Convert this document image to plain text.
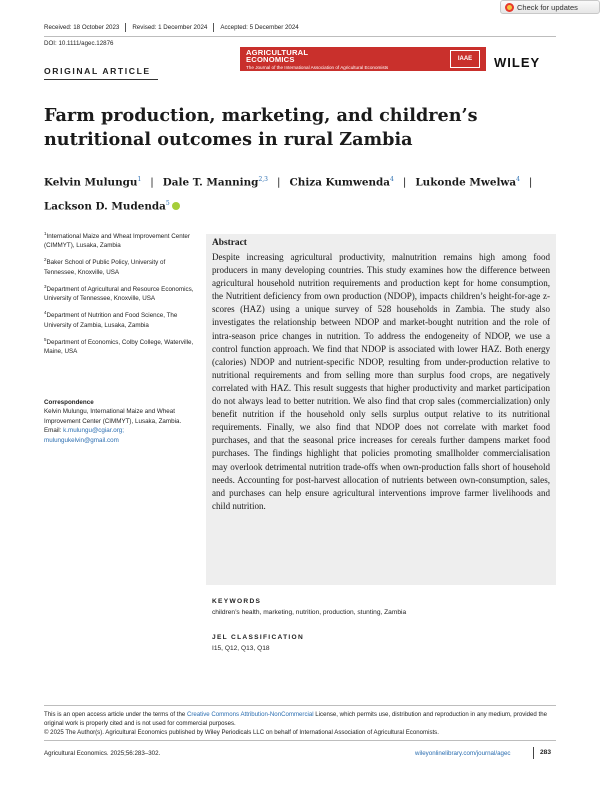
Check for updates
Received: 18 October 2023 Revised: 1 December 2024 Accepted: 5 December 2024
DOI: 10.1111/agec.12876
AGRICULTURAL
ECONOMICS
The Journal of the International Association of Agricultural Economists
IAAE	WILEY
ORIGINAL ARTICLE
Farm production, marketing, and children’s nutritional outcomes in rural Zambia
Kelvin Mulungu$^1$ | Dale T. Manning$^{2,3}$ | Chiza Kumwenda$^4$ | Lukonde Mwelwa$^4$ |
Lackson D. Mudenda$^5$
$^1$International Maize and Wheat Improvement Center (CIMMYT), Lusaka, Zambia
$^2$Baker School of Public Policy, University of Tennessee, Knoxville, USA
$^3$Department of Agricultural and Resource Economics, University of Tennessee, Knoxville, USA
$^4$Department of Nutrition and Food Science, The University of Zambia, Lusaka, Zambia
$^5$Department of Economics, Colby College, Waterville, Maine, USA
Correspondence
Kelvin Mulungu, International Maize and Wheat Improvement Center (CIMMYT), Lusaka, Zambia.
Email: k.mulungu@cgiar.org;
mulungukelvin@gmail.com
Abstract

Despite increasing agricultural productivity, malnutrition remains high among food producers in many developing countries. This study examines how the difference between agricultural household nutrition requirements and production kept for home consumption, the Nutritient deficiency from own production (NDOP), impacts children’s height-for-age z-scores (HAZ) using a unique survey of 528 households in Zambia. The study also investigates the relationship between NDOP and market-bought nutrition and the role of intra-season price changes in nutrition. To address the endogeneity of NDOP, we use a control function approach. We find that NDOP is associated with lower HAZ. Both energy (calories) NDOP and nutrient-specific NDOP, resulting from under-production relative to nutritional requirements and from selling more than surplus food crops, are negatively correlated with HAZ. This result suggests that higher productivity and market participation do not always lead to better nutrition. We also find that crop sales (commercialization) only benefit nutrition if the household only sells surplus output relative to its nutritional requirements. Finally, we also find that NDOP does not correlate with market food purchases, and that the seasonal price increases for cereals further dampens market food purchases. The findings highlight that policies promoting smallholder commercialisation may overlook detrimental nutrition trade-offs when own-production falls short of household needs. Accounting for post-harvest allocation of nutrients between own-consumption, sales, and purchases can help ensure agricultural interventions improve farmer livelihoods and child nutrition.

KEYWORDS
children’s health, marketing, nutrition, production, stunting, Zambia
JEL CLASSIFICATION
I15, Q12, Q13, Q18
This is an open access article under the terms of the Creative Commons Attribution-NonCommercial License, which permits use, distribution and reproduction in any medium, provided the original work is properly cited and is not used for commercial purposes.
© 2025 The Author(s). Agricultural Economics published by Wiley Periodicals LLC on behalf of International Association of Agricultural Economists.
Agricultural Economics. 2025;56:283–302.	wileyonlinelibrary.com/journal/agec	283
